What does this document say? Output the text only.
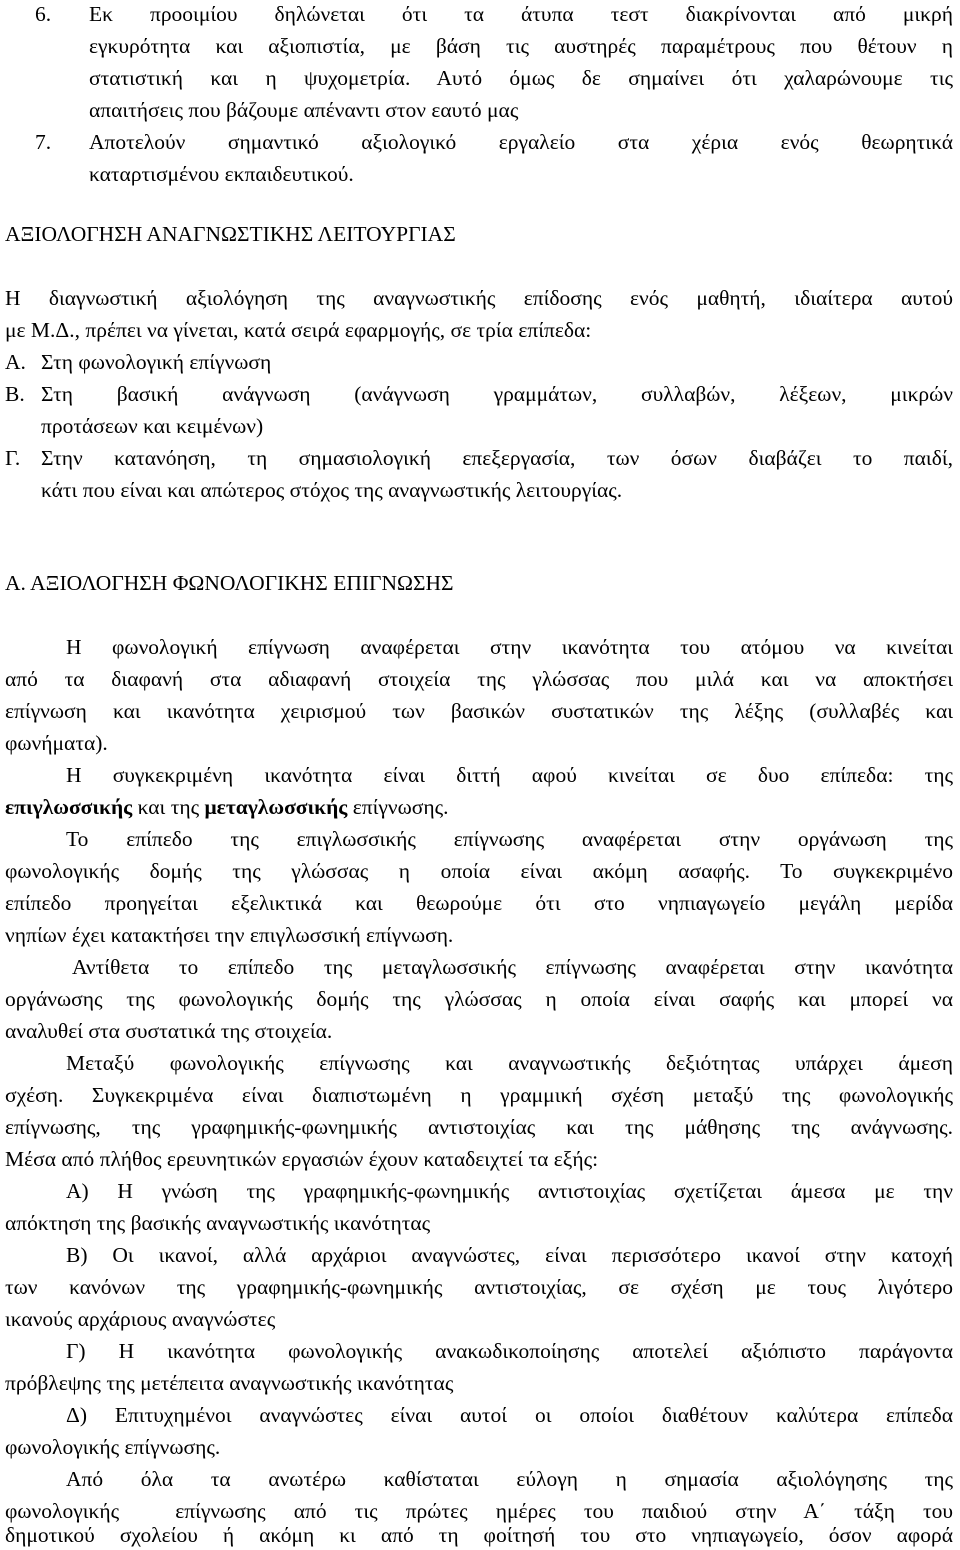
6. Εκ προοιμίου δηλώνεται ότι τα άτυπα τεστ διακρίνονται από μικρή
εγκυρότητα και αξιοπιστία, με βάση τις αυστηρές παραμέτρους που θέτουν η
στατιστική και η ψυχομετρία. Αυτό όμως δε σημαίνει ότι χαλαρώνουμε τις
απαιτήσεις που βάζουμε απέναντι στον εαυτό μας
7. Αποτελούν σημαντικό αξιολογικό εργαλείο στα χέρια ενός θεωρητικά
καταρτισμένου εκπαιδευτικού.
ΑΞΙΟΛΟΓΗΣΗ ΑΝΑΓΝΩΣΤΙΚΗΣ ΛΕΙΤΟΥΡΓΙΑΣ
Η διαγνωστική αξιολόγηση της αναγνωστικής επίδοσης ενός μαθητή, ιδιαίτερα αυτού
με Μ.Δ., πρέπει να γίνεται, κατά σειρά εφαρμογής, σε τρία επίπεδα:
Α. Στη φωνολογική επίγνωση
Β. Στη βασική ανάγνωση (ανάγνωση γραμμάτων, συλλαβών, λέξεων, μικρών
προτάσεων και κειμένων)
Γ. Στην κατανόηση, τη σημασιολογική επεξεργασία, των όσων διαβάζει το παιδί,
κάτι που είναι και απώτερος στόχος της αναγνωστικής λειτουργίας.
Α. ΑΞΙΟΛΟΓΗΣΗ ΦΩΝΟΛΟΓΙΚΗΣ ΕΠΙΓΝΩΣΗΣ
Η φωνολογική επίγνωση αναφέρεται στην ικανότητα του ατόμου να κινείται
από τα διαφανή στα αδιαφανή στοιχεία της γλώσσας που μιλά και να αποκτήσει
επίγνωση και ικανότητα χειρισμού των βασικών συστατικών της λέξης (συλλαβές και
φωνήματα).
Η συγκεκριμένη ικανότητα είναι διττή αφού κινείται σε δυο επίπεδα: της
επιγλωσσικής και της μεταγλωσσικής επίγνωσης.
Το επίπεδο της επιγλωσσικής επίγνωσης αναφέρεται στην οργάνωση της
φωνολογικής δομής της γλώσσας η οποία είναι ακόμη ασαφής. Το συγκεκριμένο
επίπεδο προηγείται εξελικτικά και θεωρούμε ότι στο νηπιαγωγείο μεγάλη μερίδα
νηπίων έχει κατακτήσει την επιγλωσσική επίγνωση.
Αντίθετα το επίπεδο της μεταγλωσσικής επίγνωσης αναφέρεται στην ικανότητα
οργάνωσης της φωνολογικής δομής της γλώσσας η οποία είναι σαφής και μπορεί να
αναλυθεί στα συστατικά της στοιχεία.
Μεταξύ φωνολογικής επίγνωσης και αναγνωστικής δεξιότητας υπάρχει άμεση
σχέση. Συγκεκριμένα είναι διαπιστωμένη η γραμμική σχέση μεταξύ της φωνολογικής
επίγνωσης, της γραφημικής-φωνημικής αντιστοιχίας και της μάθησης της ανάγνωσης.
Μέσα από πλήθος ερευνητικών εργασιών έχουν καταδειχτεί τα εξής:
Α) Η γνώση της γραφημικής-φωνημικής αντιστοιχίας σχετίζεται άμεσα με την
απόκτηση της βασικής αναγνωστικής ικανότητας
Β) Οι ικανοί, αλλά αρχάριοι αναγνώστες, είναι περισσότερο ικανοί στην κατοχή
των κανόνων της γραφημικής-φωνημικής αντιστοιχίας, σε σχέση με τους λιγότερο
ικανούς αρχάριους αναγνώστες
Γ) Η ικανότητα φωνολογικής ανακωδικοποίησης αποτελεί αξιόπιστο παράγοντα
πρόβλεψης της μετέπειτα αναγνωστικής ικανότητας
Δ) Επιτυχημένοι αναγνώστες είναι αυτοί οι οποίοι διαθέτουν καλύτερα επίπεδα
φωνολογικής επίγνωσης.
Από όλα τα ανωτέρω καθίσταται εύλογη η σημασία αξιολόγησης της
φωνολογικής  επίγνωσης από τις πρώτες ημέρες του παιδιού στην Α΄ τάξη του
δημοτικού σχολείου ή ακόμη κι από τη φοίτησή του στο νηπιαγωγείο, όσον αφορά
